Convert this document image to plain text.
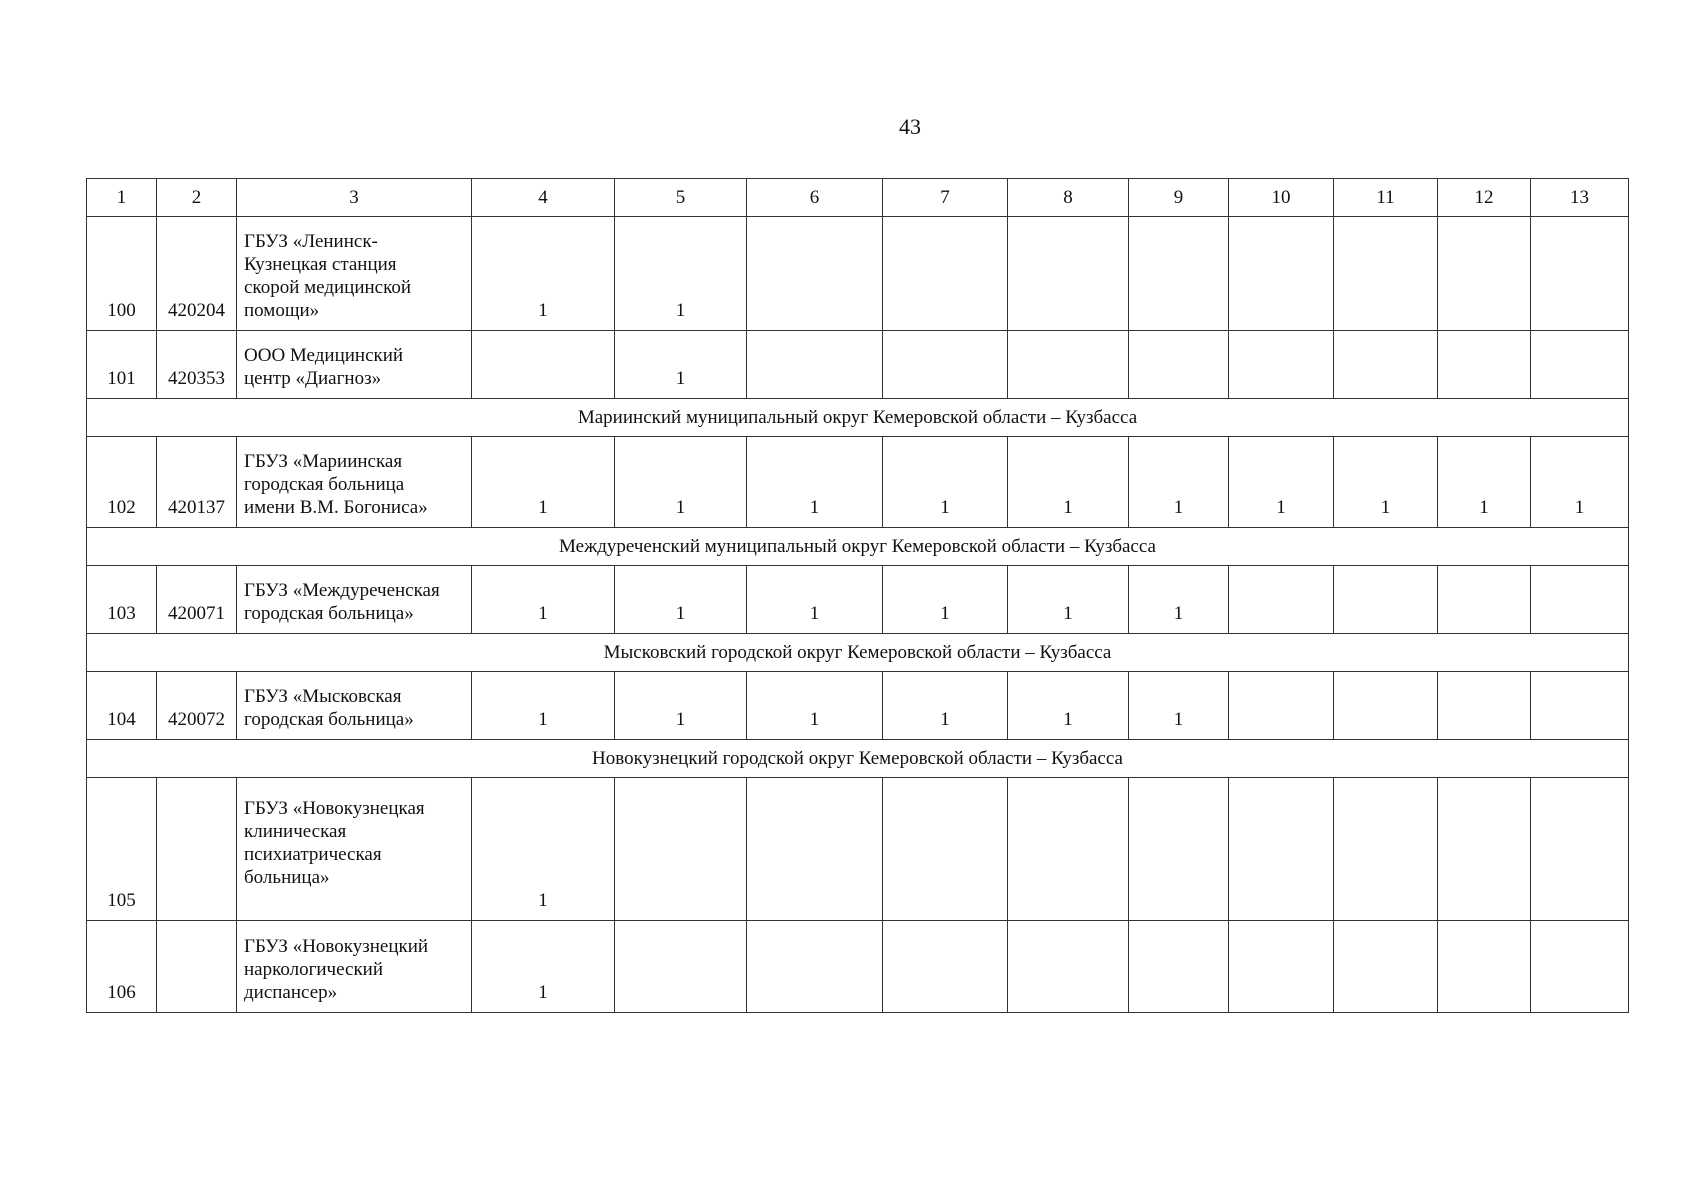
43
1	2	3	4	5	6	7	8	9	10	11	12	13
100	420204	ГБУЗ «Ленинск-
Кузнецкая станция
скорой медицинской
помощи»	1	1								
101	420353	ООО Медицинский
центр «Диагноз»		1								
Мариинский муниципальный округ Кемеровской области – Кузбасса												
102	420137	ГБУЗ «Мариинская
городская больница
имени В.М. Богониса»	1	1	1	1	1	1	1	1	1	1
Междуреченский муниципальный округ Кемеровской области – Кузбасса												
103	420071	ГБУЗ «Междуреченская
городская больница»	1	1	1	1	1	1				
Мысковский городской округ Кемеровской области – Кузбасса												
104	420072	ГБУЗ «Мысковская
городская больница»	1	1	1	1	1	1				
Новокузнецкий городской округ Кемеровской области – Кузбасса												
105		ГБУЗ «Новокузнецкая
клиническая
психиатрическая
больница»	1									
106		ГБУЗ «Новокузнецкий
наркологический
диспансер»	1									
